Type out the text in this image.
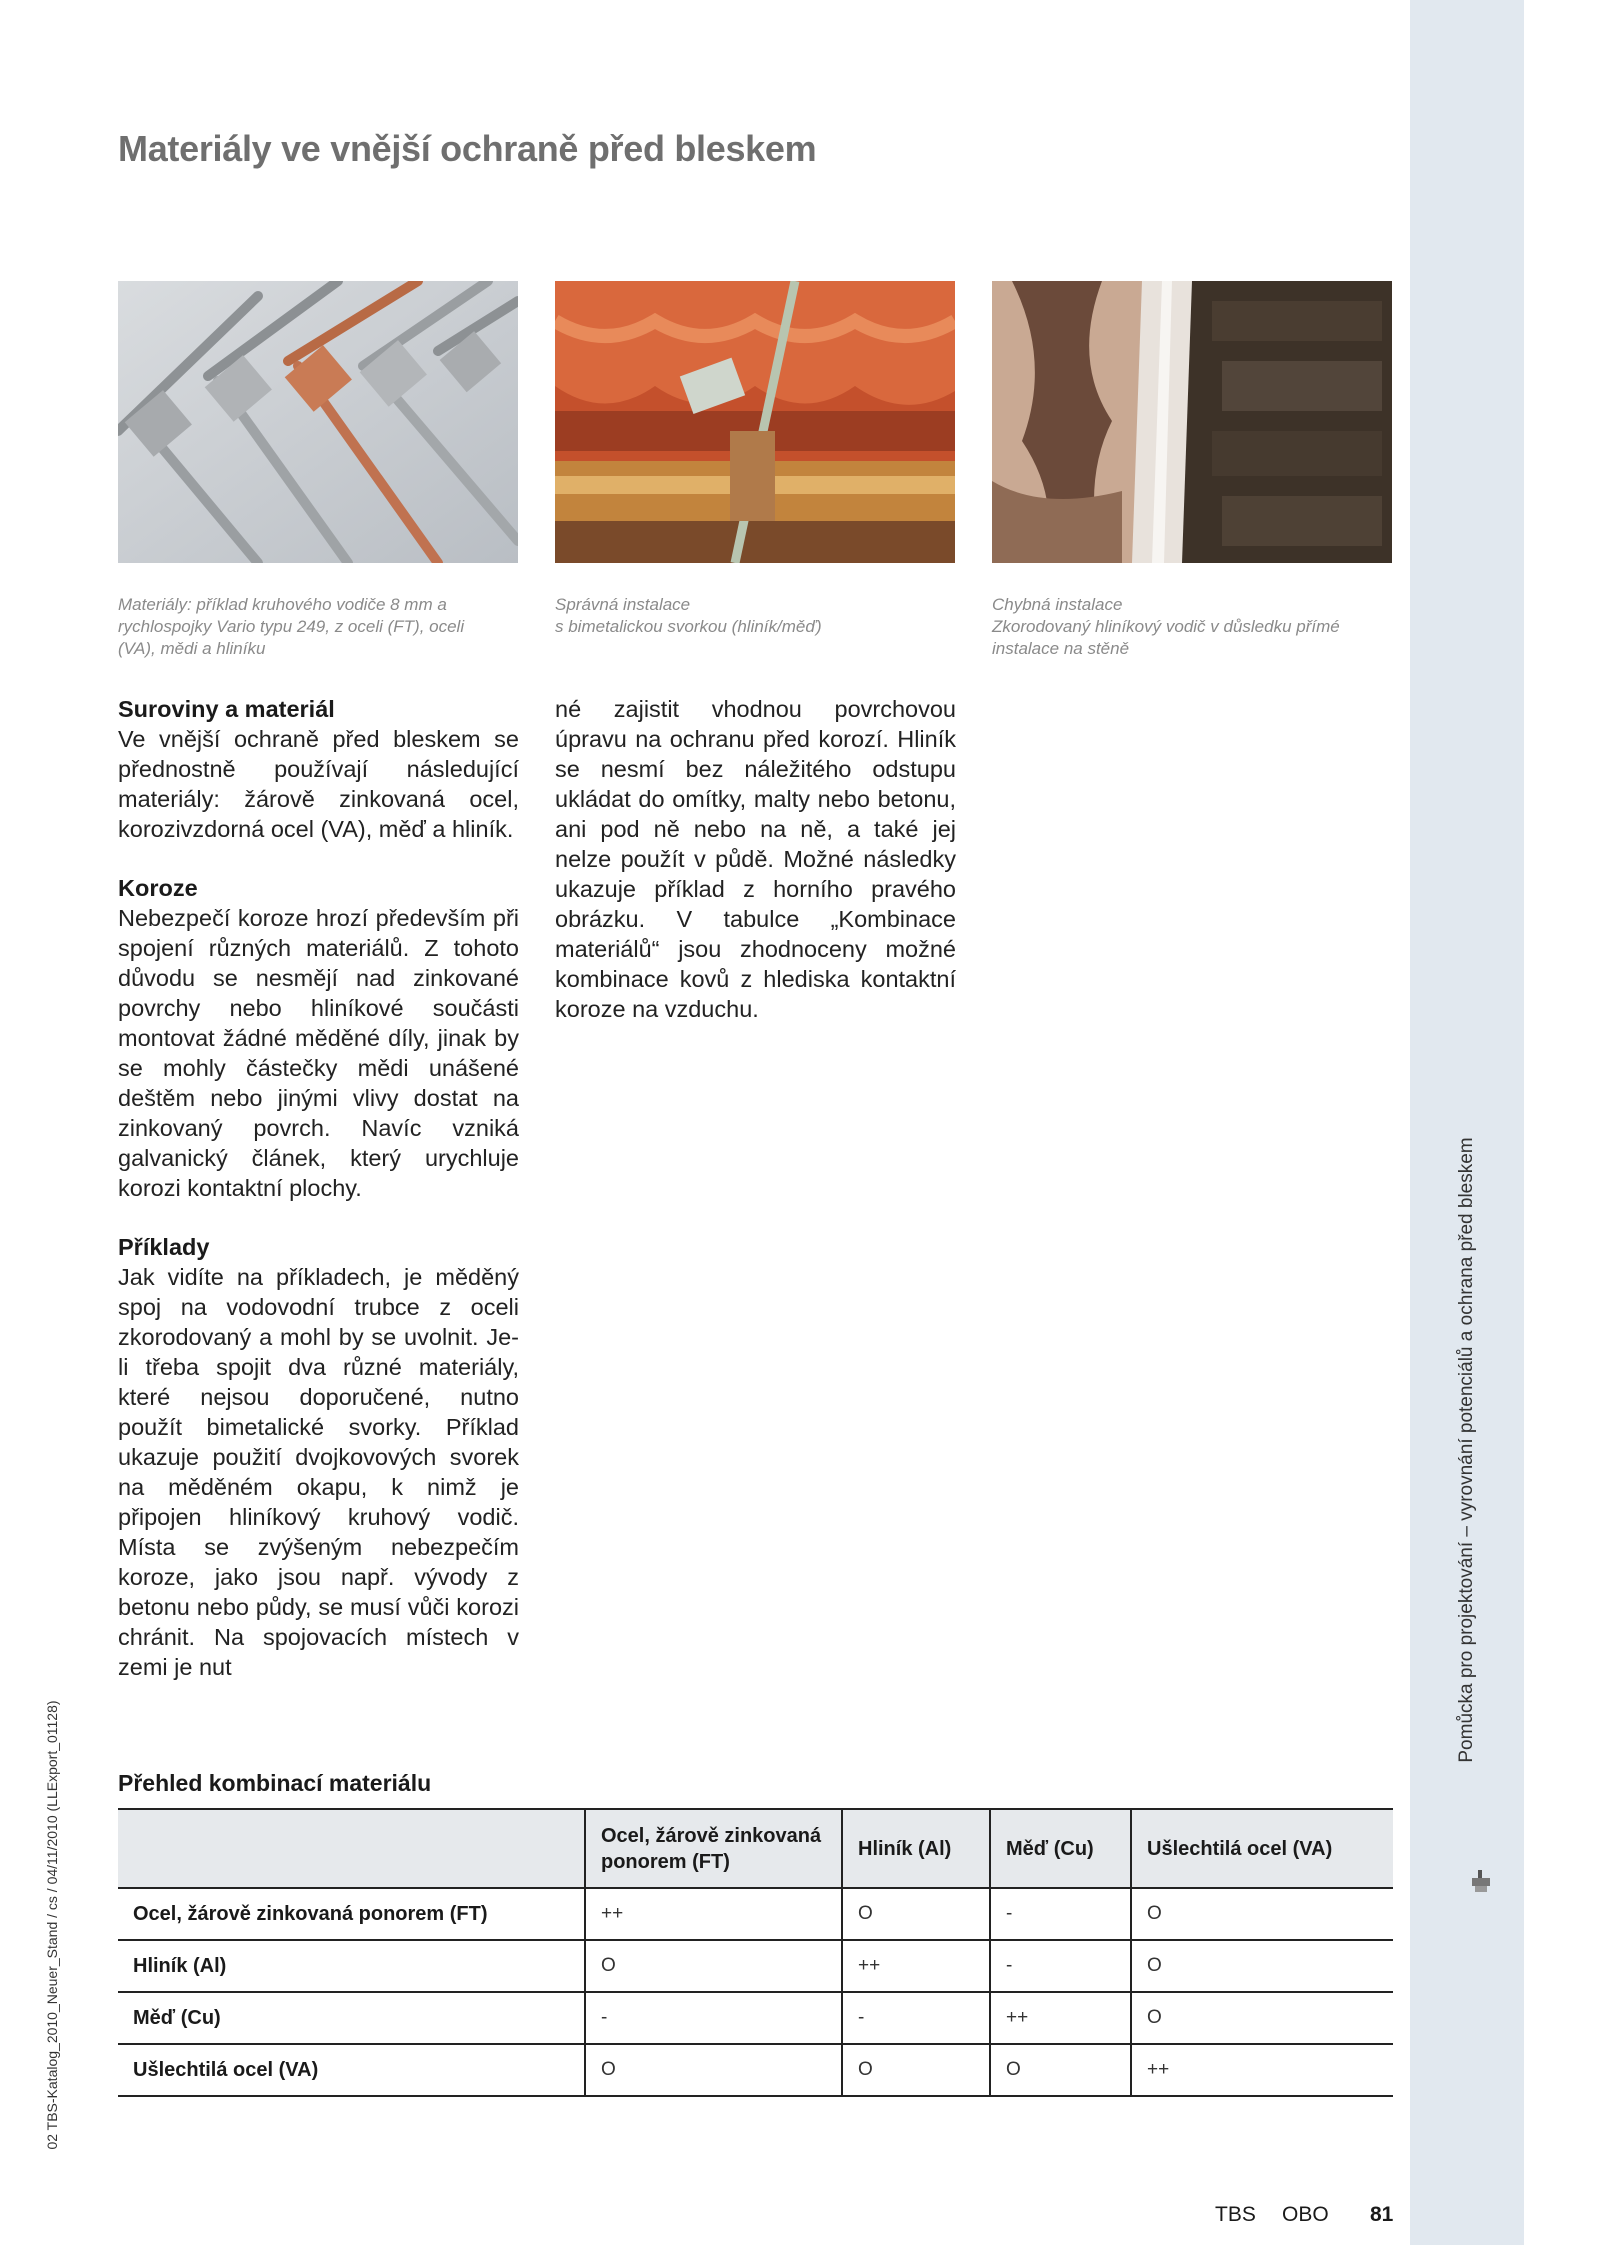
Pomůcka pro projektování – vyrovnání potenciálů a ochrana před bleskem
02 TBS-Katalog_2010_Neuer_Stand / cs / 04/11/2010 (LLExport_01128)
Materiály ve vnější ochraně před bleskem
Materiály: příklad kruhového vodiče 8 mm a
rychlospojky Vario typu 249, z oceli (FT), oceli
(VA), mědi a hliníku
Správná instalace
s bimetalickou svorkou (hliník/měď)
Chybná instalace
Zkorodovaný hliníkový vodič v důsledku přímé
instalace na stěně
Suroviny a materiál

Ve vnější ochraně před bleskem se přednostně používají následující materiály: žárově zinkovaná ocel, korozivzdorná ocel (VA), měď a hliník.

Koroze

Nebezpečí koroze hrozí především při spojení různých materiálů. Z tohoto důvodu se nesmějí nad zinkované povrchy nebo hliníkové součásti montovat žádné měděné díly, jinak by se mohly částečky mědi unášené deštěm nebo jinými vlivy dostat na zinkovaný povrch. Navíc vzniká galvanický článek, který urychluje korozi kontaktní plochy.

Příklady

Jak vidíte na příkladech, je měděný spoj na vodovodní trubce z oceli zkorodovaný a mohl by se uvolnit. Je-li třeba spojit dva různé materiály, které nejsou doporučené, nutno použít bimetalické svorky. Příklad ukazuje použití dvojkovových svorek na měděném okapu, k nimž je připojen hliníkový kruhový vodič. Místa se zvýšeným nebezpečím koroze, jako jsou např. vývody z betonu nebo půdy, se musí vůči korozi chránit. Na spojovacích místech v zemi je nut

né zajistit vhodnou povrchovou úpravu na ochranu před korozí. Hliník se nesmí bez náležitého odstupu ukládat do omítky, malty nebo betonu, ani pod ně nebo na ně, a také jej nelze použít v půdě. Možné následky ukazuje příklad z horního pravého obrázku. V tabulce „Kombinace materiálů“ jsou zhodnoceny možné kombinace kovů z hlediska kontaktní koroze na vzduchu.

Přehled kombinací materiálu
	Ocel, žárově zinkovaná ponorem (FT)	Hliník (Al)	Měď (Cu)	Ušlechtilá ocel (VA)
Ocel, žárově zinkovaná ponorem (FT)	++	O	-	O
Hliník (Al)	O	++	-	O
Měď (Cu)	-	-	++	O
Ušlechtilá ocel (VA)	O	O	O	++
TBS OBO 81
